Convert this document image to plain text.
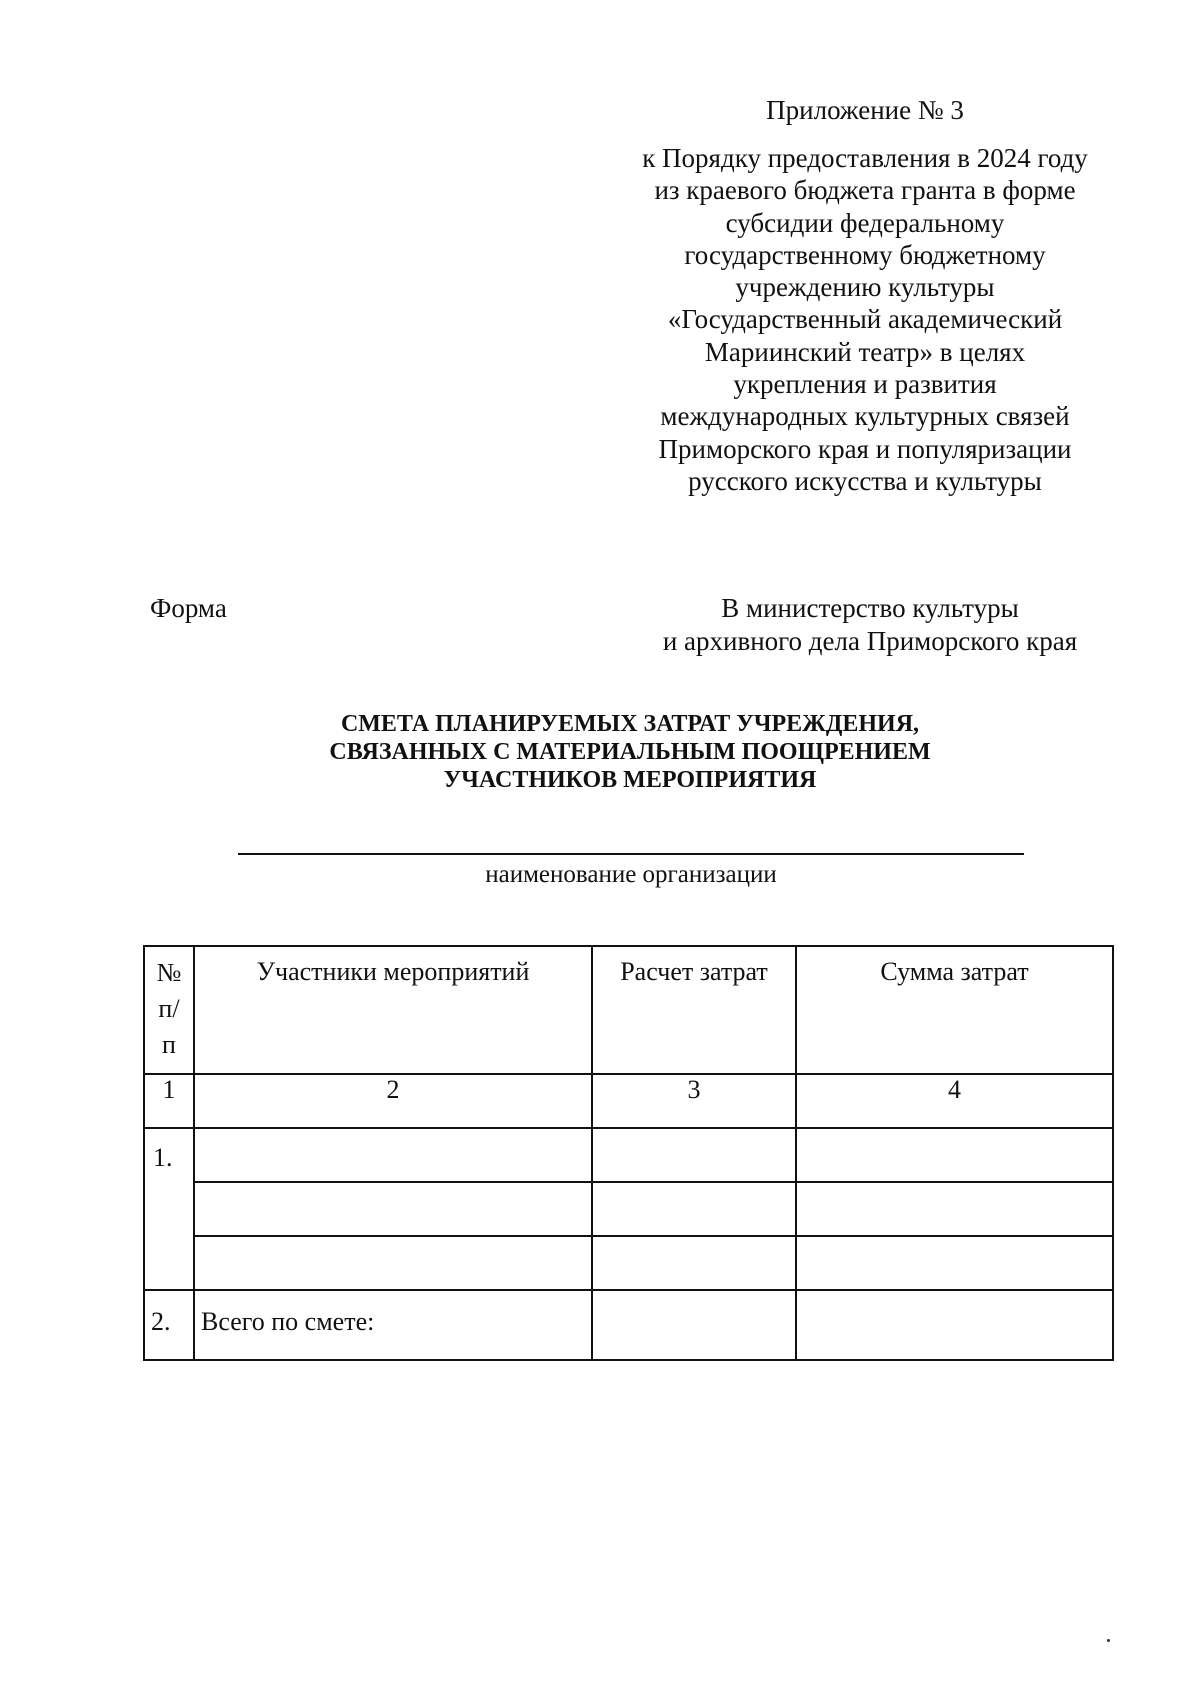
Приложение № 3
к Порядку предоставления в 2024 году
из краевого бюджета гранта в форме
субсидии федеральному
государственному бюджетному
учреждению культуры
«Государственный академический
Мариинский театр» в целях
укрепления и развития
международных культурных связей
Приморского края и популяризации
русского искусства и культуры
Форма	В министерство культуры
и архивного дела Приморского края
СМЕТА ПЛАНИРУЕМЫХ ЗАТРАТ УЧРЕЖДЕНИЯ,
СВЯЗАННЫХ С МАТЕРИАЛЬНЫМ ПООЩРЕНИЕМ
УЧАСТНИКОВ МЕРОПРИЯТИЯ
наименование организации
№
п/
п	Участники мероприятий	Расчет затрат	Сумма затрат
1	2	3	4
1.			

2.	Всего по смете:		
